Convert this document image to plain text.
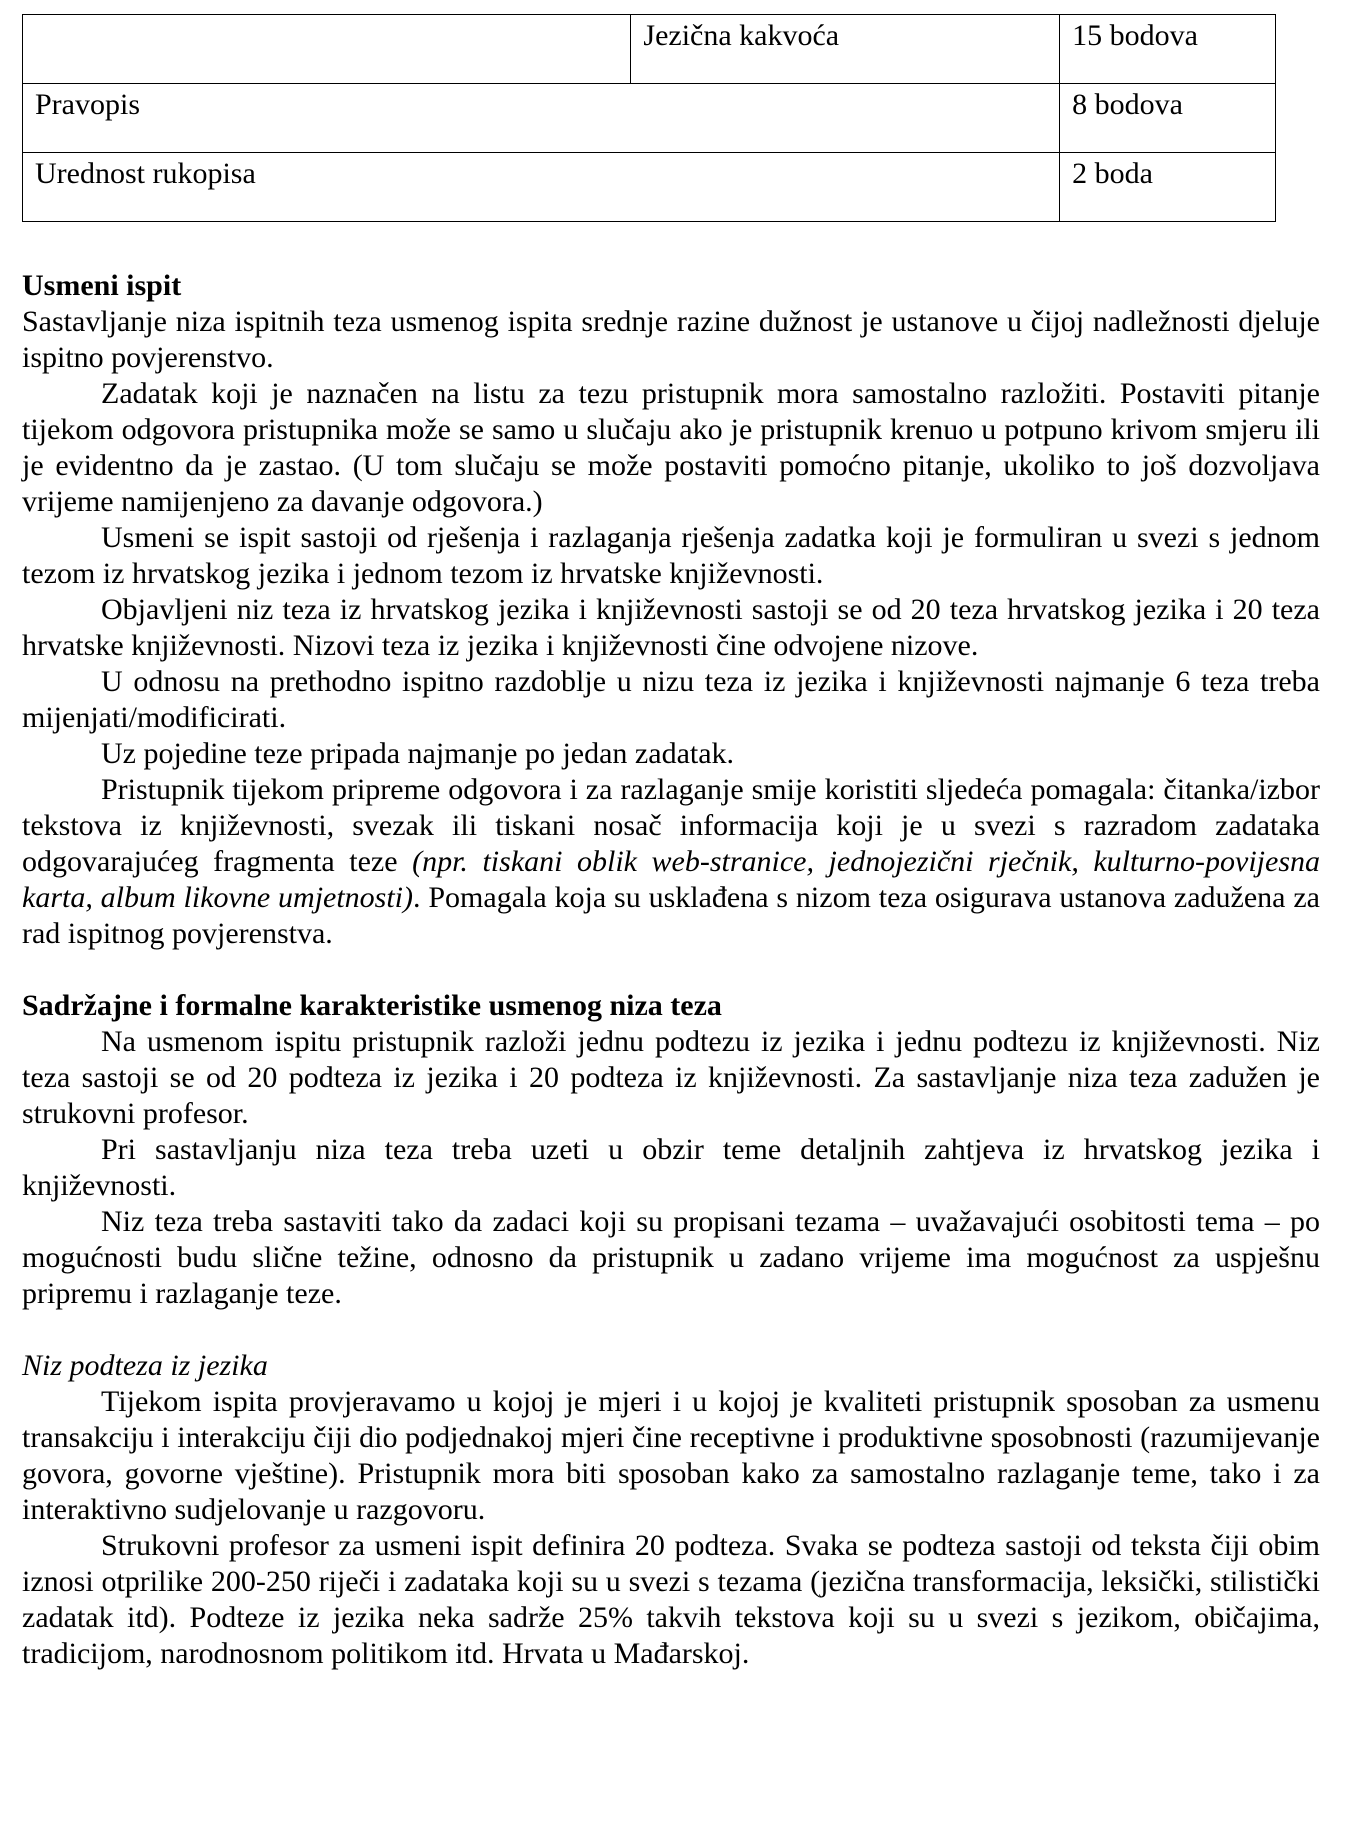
	Jezična kakvoća	15 bodova
Pravopis		8 bodova
Urednost rukopisa		2 boda
Usmeni ispit

Sastavljanje niza ispitnih teza usmenog ispita srednje razine dužnost je ustanove u čijoj nadležnosti djeluje ispitno povjerenstvo.

Zadatak koji je naznačen na listu za tezu pristupnik mora samostalno razložiti. Postaviti pitanje tijekom odgovora pristupnika može se samo u slučaju ako je pristupnik krenuo u potpuno krivom smjeru ili je evidentno da je zastao. (U tom slučaju se može postaviti pomoćno pitanje, ukoliko to još dozvoljava vrijeme namijenjeno za davanje odgovora.)

Usmeni se ispit sastoji od rješenja i razlaganja rješenja zadatka koji je formuliran u svezi s jednom tezom iz hrvatskog jezika i jednom tezom iz hrvatske književnosti.

Objavljeni niz teza iz hrvatskog jezika i književnosti sastoji se od 20 teza hrvatskog jezika i 20 teza hrvatske književnosti. Nizovi teza iz jezika i književnosti čine odvojene nizove.

U odnosu na prethodno ispitno razdoblje u nizu teza iz jezika i književnosti najmanje 6 teza treba mijenjati/modificirati.

Uz pojedine teze pripada najmanje po jedan zadatak.

Pristupnik tijekom pripreme odgovora i za razlaganje smije koristiti sljedeća pomagala: čitanka/izbor tekstova iz književnosti, svezak ili tiskani nosač informacija koji je u svezi s razradom zadataka odgovarajućeg fragmenta teze (npr. tiskani oblik web-stranice, jednojezični rječnik, kulturno-povijesna karta, album likovne umjetnosti). Pomagala koja su usklađena s nizom teza osigurava ustanova zadužena za rad ispitnog povjerenstva.

Sadržajne i formalne karakteristike usmenog niza teza

Na usmenom ispitu pristupnik razloži jednu podtezu iz jezika i jednu podtezu iz književnosti. Niz teza sastoji se od 20 podteza iz jezika i 20 podteza iz književnosti. Za sastavljanje niza teza zadužen je strukovni profesor.

Pri sastavljanju niza teza treba uzeti u obzir teme detaljnih zahtjeva iz hrvatskog jezika i književnosti.

Niz teza treba sastaviti tako da zadaci koji su propisani tezama – uvažavajući osobitosti tema – po mogućnosti budu slične težine, odnosno da pristupnik u zadano vrijeme ima mogućnost za uspješnu pripremu i razlaganje teze.

Niz podteza iz jezika

Tijekom ispita provjeravamo u kojoj je mjeri i u kojoj je kvaliteti pristupnik sposoban za usmenu transakciju i interakciju čiji dio podjednakoj mjeri čine receptivne i produktivne sposobnosti (razumijevanje govora, govorne vještine). Pristupnik mora biti sposoban kako za samostalno razlaganje teme, tako i za interaktivno sudjelovanje u razgovoru.

Strukovni profesor za usmeni ispit definira 20 podteza. Svaka se podteza sastoji od teksta čiji obim iznosi otprilike 200-250 riječi i zadataka koji su u svezi s tezama (jezična transformacija, leksički, stilistički zadatak itd). Podteze iz jezika neka sadrže 25% takvih tekstova koji su u svezi s jezikom, običajima, tradicijom, narodnosnom politikom itd. Hrvata u Mađarskoj.
